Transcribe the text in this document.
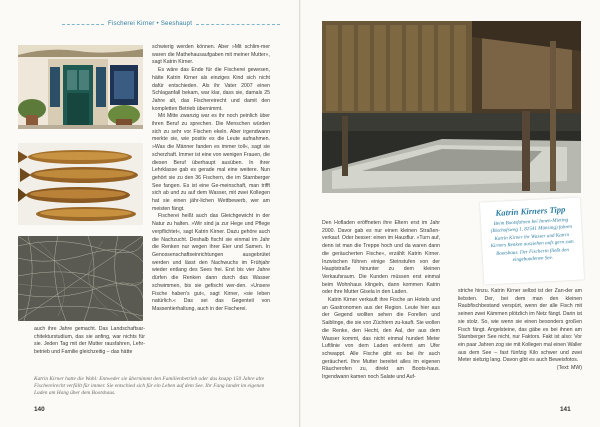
Fischerei Kirner • Seeshaupt

schwierig werden können. Aber »Mit schlim-mer waren die Mathehausaufgaben mit meiner Mutter«, sagt Katrin Kirner.

Es wäre das Ende für die Fischerei gewesen, hätte Katrin Kirner als einziges Kind sich nicht dafür entschieden. Als ihr Vater 2007 einen Schlaganfall bekam, war klar, dass sie, damals 25 Jahre alt, das Fischereirecht und damit den kompletten Betrieb übernimmt.

Mit Mitte zwanzig war es ihr noch peinlich über ihren Beruf zu sprechen. Die Menschen würden sich zu sehr vor Fischen ekeln. Aber irgendwann merkte sie, wie positiv es die Leute aufnahmen. »Was die Männer fanden es immer toll«, sagt sie scherzhaft. Immer ist eine von wenigen Frauen, die diesen Beruf überhaupt ausüben. In ihrer Lehrklasse gab es gerade mal eine weitere. Nun gehört sie zu den 36 Fischern, die im Starnberger See fangen. Es ist eine Ge-meinschaft, man trifft sich ab und zu auf dem Wasser, mit zwei Kollegen hat sie einen jähr-lichen Wettbewerb, wer am meisten fängt.

Fischerei heißt auch das Gleichgewicht in der Natur zu halten. »Wir sind ja zur Hege und Pflege verpflichtet«, sagt Katrin Kirner. Dazu gehöre auch die Nachzucht. Deshalb fischt sie einmal im Jahr die Renken nur wegen ihrer Eier und Samen. In Genossenschaftseinrichtungen ausgebrütet werden und lässt den Nachwuchs im Frühjahr wieder entlang des Sees frei. Erst bis vier Jahre dürfen die Renken dann durch das Wasser schwimmen, bis sie gefischt wer-den. »Unsere Fische haben's gut«, sagt Kirner, »sie leben natürlich.« Das sei das Gegenteil von Massentierhaltung, auch in der Fischerei.

auch ihre Jahre gemacht. Das Landschaftsar-chitekturstudium, das sie anfing, war nichts für sie. Jeden Tag mit der Mutter rausfahren, Lehr-betrieb und Familie gleichzeitig – das hätte

Katrin Kirner hatte die Wahl: Entweder sie übernimmt den Familienbetrieb oder das knapp 150 Jahre alte Fischereirecht verfällt für immer. Sie entschied sich für ein Leben auf dem See. Ihr Fang landet im eigenen Laden am Hang über dem Bootshaus.
140
Katrin Kirners Tipp
Beim Bootsfahren bei Innen-Mieting (Bischofsweg 1, 82541 Münsing) fahren Katrin Kirner ihr Wasser und Katrin Kirners Renken ausziehen aufs gern zum Bootshaus. Der Fischerin fließt den eingebundenen See.

Den Hofladen eröffneten ihre Eltern erst im Jahr 2000. Davor gab es nur einen kleinen Straßen-verkauf. Oder besser: einen im Hausflur. »Turn auf, denn ist man die Treppe hoch und da waren dann die geräucherten Fische«, erzählt Katrin Kirner. Inzwischen führen einige Steinstufen von der Hauptstraße hinunter zu dem kleinen Verkaufsraum. Die Kunden müssen erst einmal beim Wohnhaus klingeln, dann kommen Katrin oder ihre Mutter Gisela in den Laden.

Katrin Kirner verkauft ihre Fische an Hotels und an Gastronomen aus der Region. Leute hier aus der Gegend wollten sehen die Forellen und Saiblinge, die sie von Züchtern zu-kauft. Sie wollen die Renke, den Hecht, den Aal, der aus dem Wasser kommt, das nicht einmal hundert Meter Luftlinie von dem Laden ent-fernt am Ufer schwappt. Alle Fische gibt es bei ihr auch geräuchert. Ihre Mutter bereitet alles im eigenen Räucherofen zu, direkt am Boots-haus. Irgendwann kamen noch Salate und Auf-

striche hinzu. Katrin Kirner selbst ist der Zan-der am liebsten. Der, bei dem man den kleinen Raubfischbestand verspürt, wenn der alle Fisch mit seinen zwei Kämmen plötzlich im Netz fängt. Darin ist sie stolz. So, wie wenn sie einen besonders großen Fisch fängt. Angelsteine, das gäbe es bei ihnen am Starnberger See nicht, nur Faktors. Fakt ist also: Vor ein paar Jahren zog sie mit Kollegen mal einen Waller aus dem See – fast fünfzig Kilo schwer und zwei Meter siebzig lang. Davon gibt es auch Beweisfotos.

(Text: MW)
141
